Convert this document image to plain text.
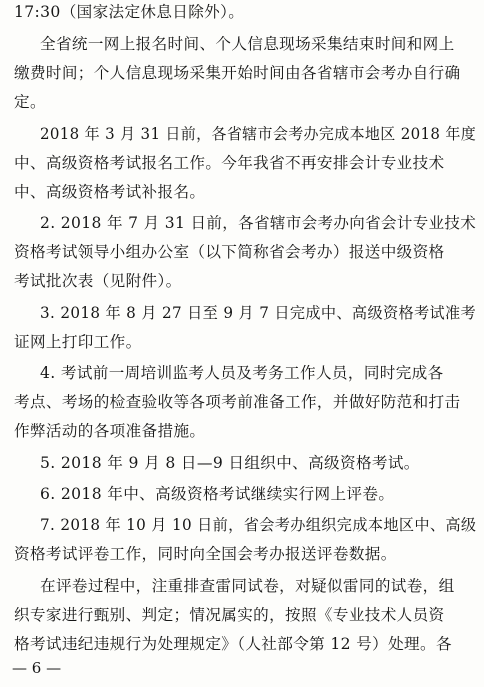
17:30（国家法定休息日除外）。
全省统一网上报名时间、个人信息现场采集结束时间和网上
缴费时间；个人信息现场采集开始时间由各省辖市会考办自行确
定。
2018 年 3 月 31 日前，各省辖市会考办完成本地区 2018 年度
中、高级资格考试报名工作。今年我省不再安排会计专业技术
中、高级资格考试补报名。
2. 2018 年 7 月 31 日前，各省辖市会考办向省会计专业技术
资格考试领导小组办公室（以下简称省会考办）报送中级资格
考试批次表（见附件）。
3. 2018 年 8 月 27 日至 9 月 7 日完成中、高级资格考试准考
证网上打印工作。
4. 考试前一周培训监考人员及考务工作人员，同时完成各
考点、考场的检查验收等各项考前准备工作，并做好防范和打击
作弊活动的各项准备措施。
5. 2018 年 9 月 8 日—9 日组织中、高级资格考试。
6. 2018 年中、高级资格考试继续实行网上评卷。
7. 2018 年 10 月 10 日前，省会考办组织完成本地区中、高级
资格考试评卷工作，同时向全国会考办报送评卷数据。
在评卷过程中，注重排查雷同试卷，对疑似雷同的试卷，组
织专家进行甄别、判定；情况属实的，按照《专业技术人员资
格考试违纪违规行为处理规定》（人社部令第 12 号）处理。各
— 6 —
